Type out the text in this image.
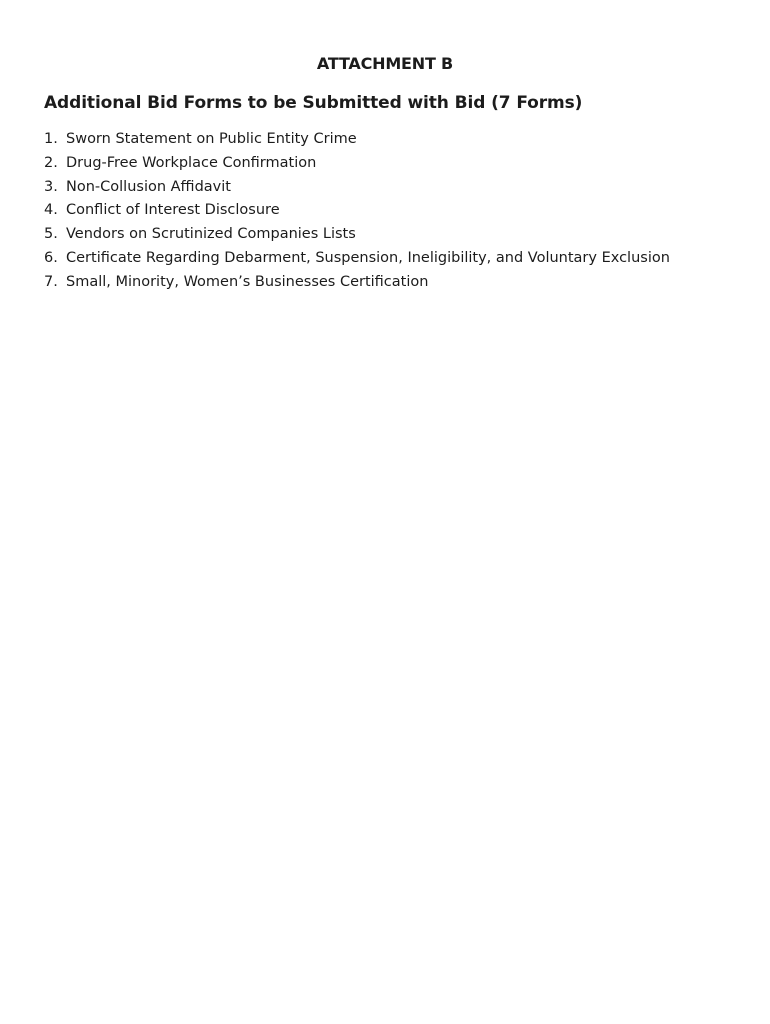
ATTACHMENT B
Additional Bid Forms to be Submitted with Bid (7 Forms)
1. Sworn Statement on Public Entity Crime
2. Drug-Free Workplace Confirmation
3. Non-Collusion Affidavit
4. Conflict of Interest Disclosure
5. Vendors on Scrutinized Companies Lists
6. Certificate Regarding Debarment, Suspension, Ineligibility, and Voluntary Exclusion
7. Small, Minority, Women’s Businesses Certification
